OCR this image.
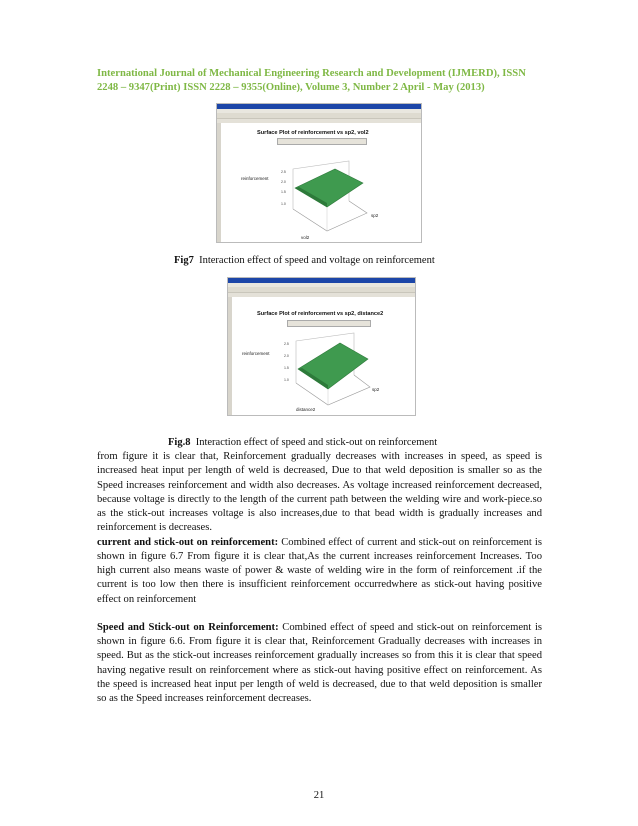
International Journal of Mechanical Engineering Research and Development (IJMERD), ISSN
2248 – 9347(Print) ISSN 2228 – 9355(Online), Volume 3, Number 2 April - May (2013)
Surface Plot of reinforcement vs sp2, vol2
reinforcement
vol2
sp2
2.5
2.0
1.5
1.0
Fig7 Interaction effect of speed and voltage on reinforcement
Surface Plot of reinforcement vs sp2, distance2
reinforcement
distance2
sp2
2.5
2.0
1.5
1.0
Fig.8 Interaction effect of speed and stick-out on reinforcement

from figure it is clear that, Reinforcement gradually decreases with increases in speed, as speed is increased heat input per length of weld is decreased, Due to that weld deposition is smaller so as the Speed increases reinforcement and width also decreases. As voltage increased reinforcement decreased, because voltage is directly to the length of the current path between the welding wire and work-piece.so as the stick-out increases voltage is also increases,due to that bead width is gradually increases and reinforcement is decreases.

current and stick-out on reinforcement: Combined effect of current and stick-out on reinforcement is shown in figure 6.7 From figure it is clear that,As the current increases reinforcement Increases. Too high current also means waste of power & waste of welding wire in the form of reinforcement .if the current is too low then there is insufficient reinforcement occurredwhere as stick-out having positive effect on reinforcement

Speed and Stick-out on Reinforcement: Combined effect of speed and stick-out on reinforcement is shown in figure 6.6. From figure it is clear that, Reinforcement Gradually decreases with increases in speed. But as the stick-out increases reinforcement gradually increases so from this it is clear that speed having negative result on reinforcement where as stick-out having positive effect on reinforcement. As the speed is increased heat input per length of weld is decreased, due to that weld deposition is smaller so as the Speed increases reinforcement decreases.

21
